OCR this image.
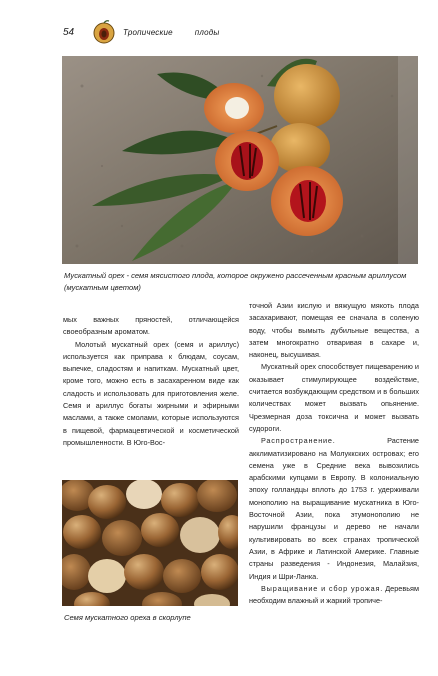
54	Тропические	плоды
Мускатный орех - семя мясистого плода, которое окружено рассеченным красным ариллусом (мускатным цветом)

мых важных пряностей, отличающейся своеобразным ароматом.

Молотый мускатный орех (семя и ариллус) используется как приправа к блюдам, соусам, выпечке, сладостям и напиткам. Мускатный цвет, кроме того, можно есть в засахаренном виде как сладость и использовать для приготовления желе. Семя и ариллус богаты жирными и эфирными маслами, а также смолами, которые используются в пищевой, фармацевтической и косметической промышленности. В Юго-Вос-

Семя мускатного ореха в скорлупе

точной Азии кислую и вяжущую мякоть плода засахаривают, помещая ее сначала в соленую воду, чтобы вымыть дубильные вещества, а затем многократно отваривая в сахаре и, наконец, высушивая.

Мускатный орех способствует пищеварению и оказывает стимулирующее воздействие, считается возбуждающим средством и в больших количествах может вызвать опьянение. Чрезмерная доза токсична и может вызвать судороги.

Распространение.	Растение акклиматизировано на Молуккских островах; его семена уже в Средние века вывозились арабскими купцами в Европу. В колониальную эпоху голландцы вплоть до 1753 г. удерживали монополию на выращивание мускатника в Юго-Восточной Азии, пока этумонополию не нарушили французы и дерево не начали культивировать во всех странах тропической Азии, в Африке и Латинской Америке. Главные страны разведения - Индонезия, Малайзия, Индия и Шри-Ланка.

Выращивание и сбор урожая. Деревьям необходим влажный и жаркий тропиче-
